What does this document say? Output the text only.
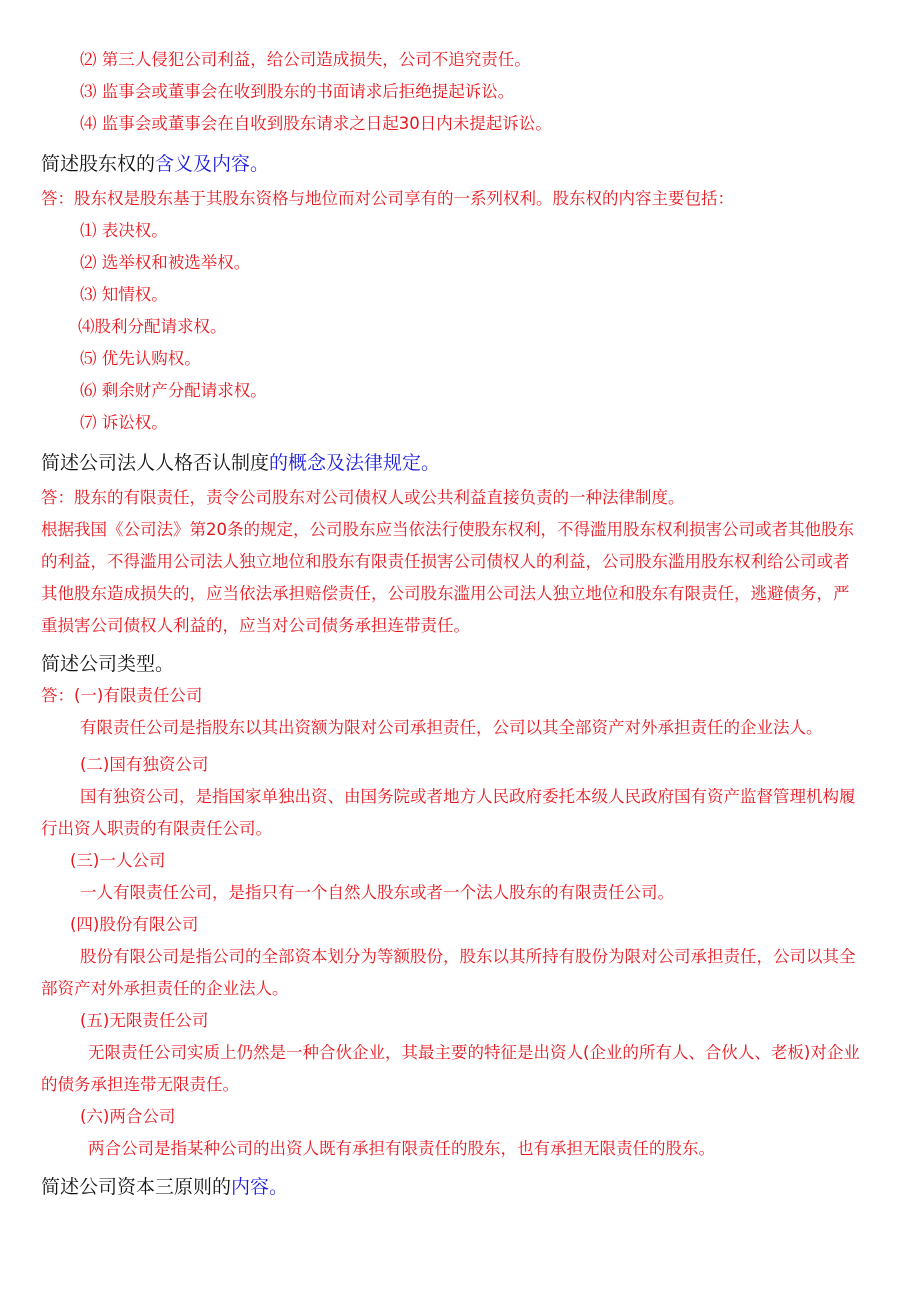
⑵ 第三人侵犯公司利益，给公司造成损失，公司不追究责任。
⑶ 监事会或董事会在收到股东的书面请求后拒绝提起诉讼。
⑷ 监事会或董事会在自收到股东请求之日起30日内未提起诉讼。
简述股东权的含义及内容。
答：股东权是股东基于其股东资格与地位而对公司享有的一系列权利。股东权的内容主要包括：
⑴ 表决权。
⑵ 选举权和被选举权。
⑶ 知情权。
⑷股利分配请求权。
⑸ 优先认购权。
⑹ 剩余财产分配请求权。
⑺ 诉讼权。
简述公司法人人格否认制度的概念及法律规定。
答：股东的有限责任，责令公司股东对公司债权人或公共利益直接负责的一种法律制度。
根据我国《公司法》第20条的规定，公司股东应当依法行使股东权利，不得滥用股东权利损害公司或者其他股东
的利益，不得滥用公司法人独立地位和股东有限责任损害公司债权人的利益，公司股东滥用股东权利给公司或者
其他股东造成损失的，应当依法承担赔偿责任，公司股东滥用公司法人独立地位和股东有限责任，逃避债务，严
重损害公司债权人利益的，应当对公司债务承担连带责任。
简述公司类型。
答：(一)有限责任公司
有限责任公司是指股东以其出资额为限对公司承担责任，公司以其全部资产对外承担责任的企业法人。
(二)国有独资公司
国有独资公司，是指国家单独出资、由国务院或者地方人民政府委托本级人民政府国有资产监督管理机构履
行出资人职责的有限责任公司。
(三)一人公司
一人有限责任公司，是指只有一个自然人股东或者一个法人股东的有限责任公司。
(四)股份有限公司
股份有限公司是指公司的全部资本划分为等额股份，股东以其所持有股份为限对公司承担责任，公司以其全
部资产对外承担责任的企业法人。
(五)无限责任公司
无限责任公司实质上仍然是一种合伙企业，其最主要的特征是出资人(企业的所有人、合伙人、老板)对企业
的债务承担连带无限责任。
(六)两合公司
两合公司是指某种公司的出资人既有承担有限责任的股东，也有承担无限责任的股东。
简述公司资本三原则的内容。
